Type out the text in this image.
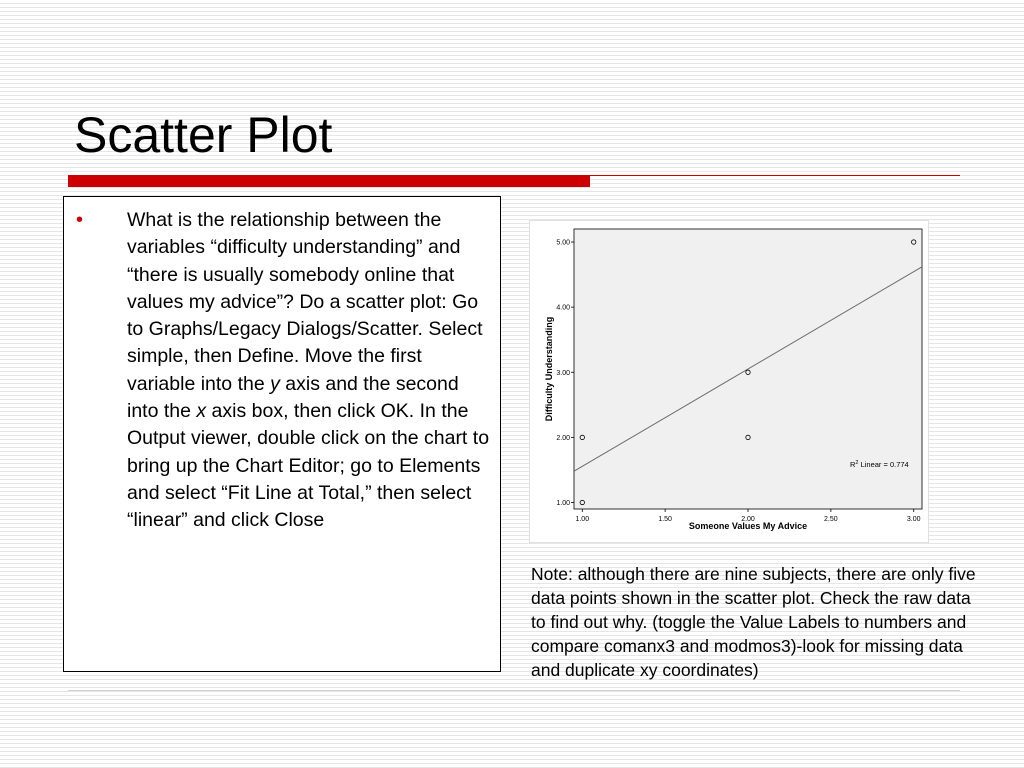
Scatter Plot
• What is the relationship between the variables “difficulty understanding” and “there is usually somebody online that values my advice”? Do a scatter plot: Go to Graphs/Legacy Dialogs/Scatter. Select simple, then Define. Move the first variable into the y axis and the second into the x axis box, then click OK. In the Output viewer, double click on the chart to bring up the Chart Editor; go to Elements and select “Fit Line at Total,” then select “linear” and click Close	1.00	1.50	2.00	2.50	3.00
1.00
2.00
3.00
4.00
5.00
$R^2$ Linear = 0.774
Someone Values My Advice
Difficulty Understanding

Note: although there are nine subjects, there are only five data points shown in the scatter plot. Check the raw data to find out why. (toggle the Value Labels to numbers and compare comanx3 and modmos3)-look for missing data and duplicate xy coordinates)
